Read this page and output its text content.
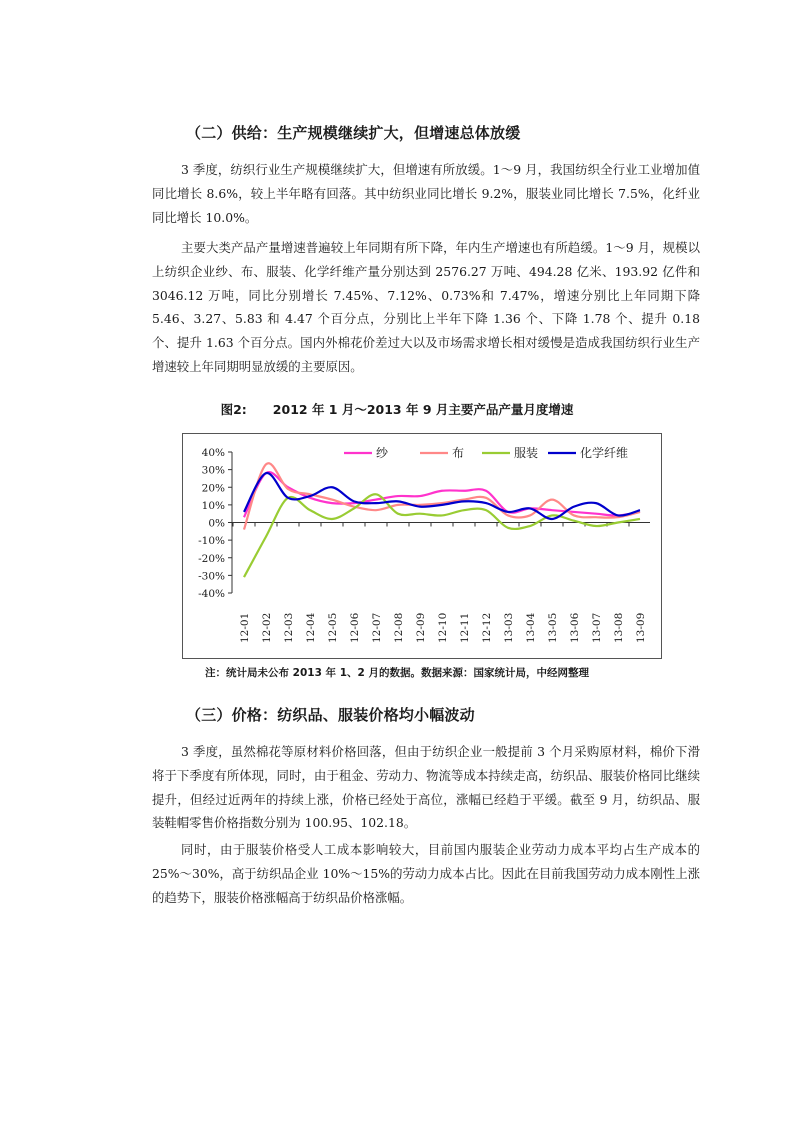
（二）供给：生产规模继续扩大，但增速总体放缓

3 季度，纺织行业生产规模继续扩大，但增速有所放缓。1～9 月，我国纺织全行业工业增加值同比增长 8.6%，较上半年略有回落。其中纺织业同比增长 9.2%，服装业同比增长 7.5%，化纤业同比增长 10.0%。

主要大类产品产量增速普遍较上年同期有所下降，年内生产增速也有所趋缓。1～9 月，规模以上纺织企业纱、布、服装、化学纤维产量分别达到 2576.27 万吨、494.28 亿米、193.92 亿件和 3046.12 万吨，同比分别增长 7.45%、7.12%、0.73%和 7.47%，增速分别比上年同期下降 5.46、3.27、5.83 和 4.47 个百分点，分别比上半年下降 1.36 个、下降 1.78 个、提升 0.18 个、提升 1.63 个百分点。国内外棉花价差过大以及市场需求增长相对缓慢是造成我国纺织行业生产增速较上年同期明显放缓的主要原因。

图2: 2012 年 1 月～2013 年 9 月主要产品产量月度增速
40%
30%
20%
10%
0%
-10%
-20%
-30%
-40%
12-01 12-02 12-03 12-04 12-05 12-06 12-07 12-08 12-09 12-10 12-11 12-12 13-03 13-04 13-05 13-06 13-07 13-08 13-09
纱	布	服装	化学纤维
注：统计局未公布 2013 年 1、2 月的数据。数据来源：国家统计局，中经网整理
（三）价格：纺织品、服装价格均小幅波动

3 季度，虽然棉花等原材料价格回落，但由于纺织企业一般提前 3 个月采购原材料，棉价下滑将于下季度有所体现，同时，由于租金、劳动力、物流等成本持续走高，纺织品、服装价格同比继续提升，但经过近两年的持续上涨，价格已经处于高位，涨幅已经趋于平缓。截至 9 月，纺织品、服装鞋帽零售价格指数分别为 100.95、102.18。

同时，由于服装价格受人工成本影响较大，目前国内服装企业劳动力成本平均占生产成本的 25%～30%，高于纺织品企业 10%～15%的劳动力成本占比。因此在目前我国劳动力成本刚性上涨的趋势下，服装价格涨幅高于纺织品价格涨幅。
